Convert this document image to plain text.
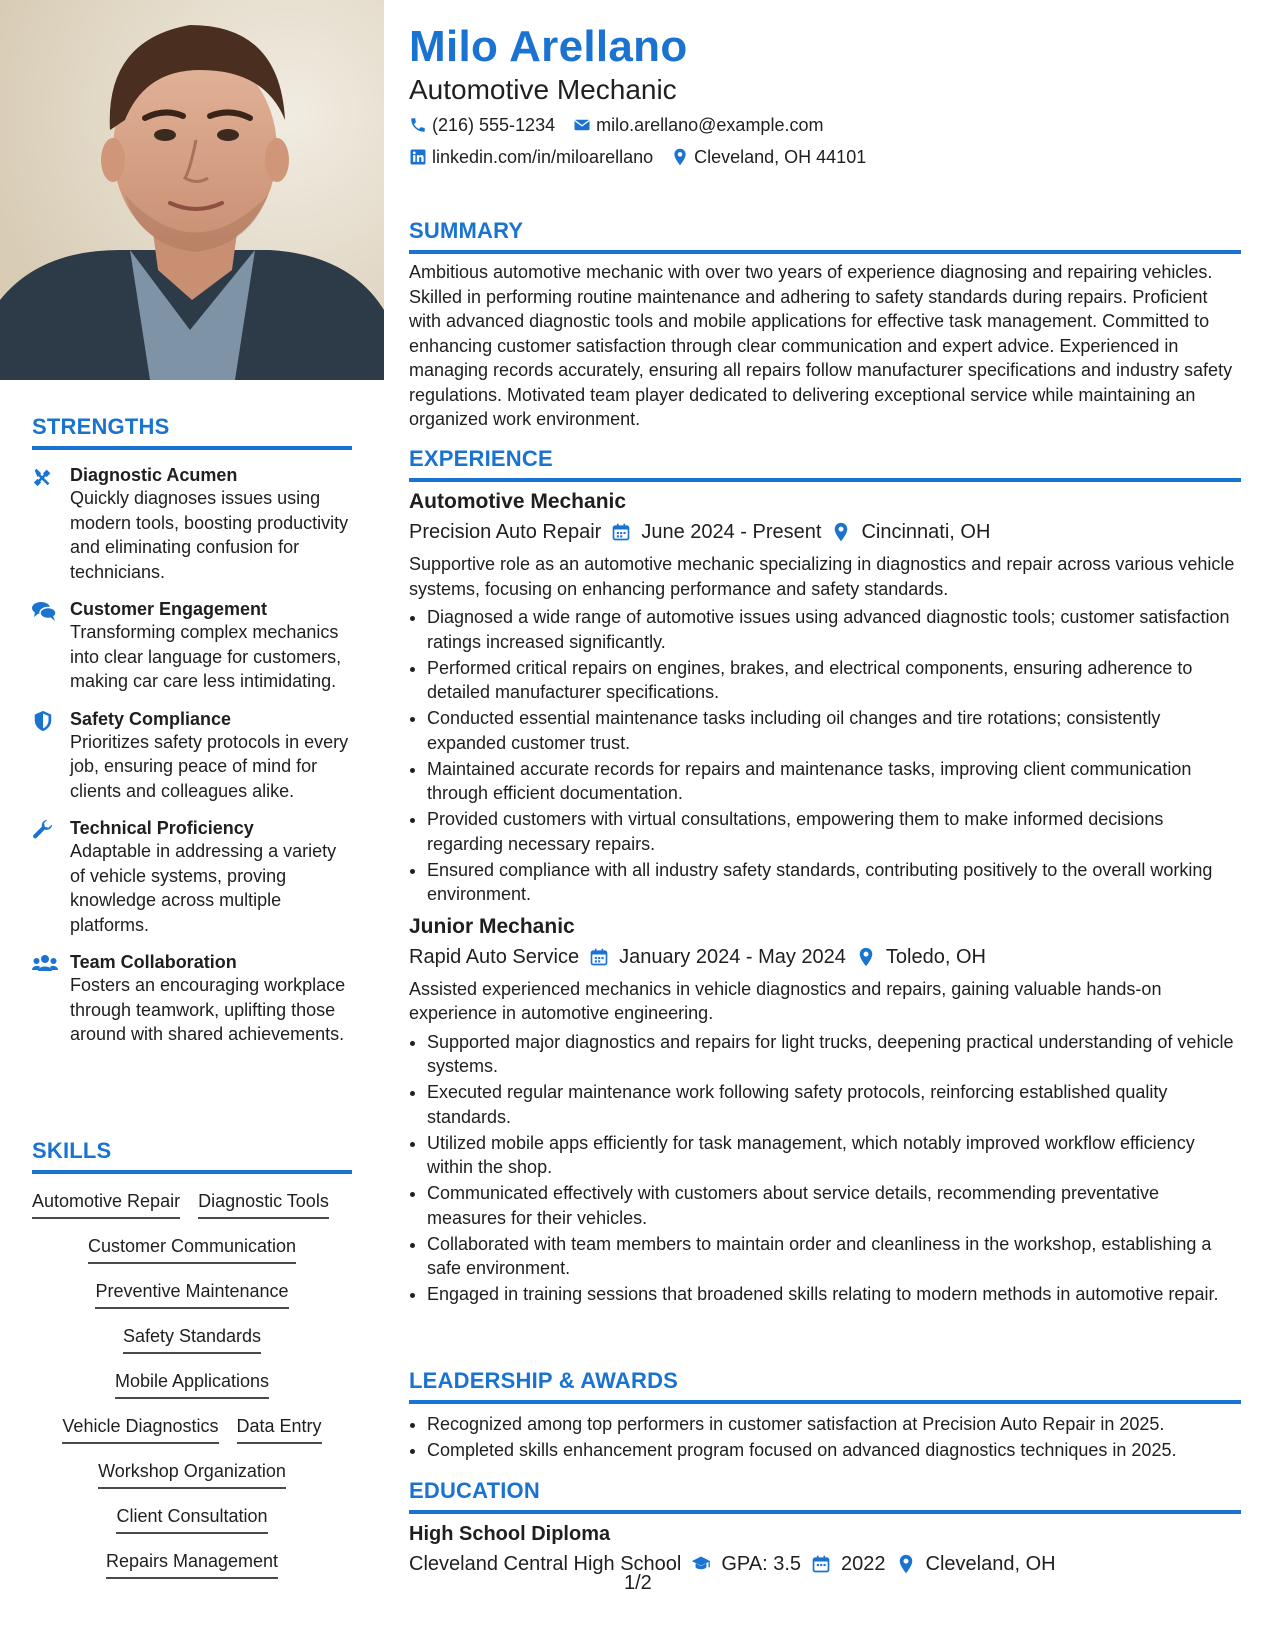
STRENGTHS
Diagnostic Acumen
Quickly diagnoses issues using modern tools, boosting productivity and eliminating confusion for technicians.
Customer Engagement
Transforming complex mechanics into clear language for customers, making car care less intimidating.
Safety Compliance
Prioritizes safety protocols in every job, ensuring peace of mind for clients and colleagues alike.
Technical Proficiency
Adaptable in addressing a variety of vehicle systems, proving knowledge across multiple platforms.
Team Collaboration
Fosters an encouraging workplace through teamwork, uplifting those around with shared achievements.
SKILLS
Automotive Repair Diagnostic Tools
Customer Communication
Preventive Maintenance
Safety Standards
Mobile Applications
Vehicle Diagnostics Data Entry
Workshop Organization
Client Consultation
Repairs Management
Milo Arellano
Automotive Mechanic
(216) 555-1234 milo.arellano@example.com
linkedin.com/in/miloarellano Cleveland, OH 44101
SUMMARY

Ambitious automotive mechanic with over two years of experience diagnosing and repairing vehicles. Skilled in performing routine maintenance and adhering to safety standards during repairs. Proficient with advanced diagnostic tools and mobile applications for effective task management. Committed to enhancing customer satisfaction through clear communication and expert advice. Experienced in managing records accurately, ensuring all repairs follow manufacturer specifications and industry safety regulations. Motivated team player dedicated to delivering exceptional service while maintaining an organized work environment.

EXPERIENCE
Automotive Mechanic
Precision Auto Repair June 2024 - Present Cincinnati, OH

Supportive role as an automotive mechanic specializing in diagnostics and repair across various vehicle systems, focusing on enhancing performance and safety standards.

• Diagnosed a wide range of automotive issues using advanced diagnostic tools; customer satisfaction ratings increased significantly.
• Performed critical repairs on engines, brakes, and electrical components, ensuring adherence to detailed manufacturer specifications.
• Conducted essential maintenance tasks including oil changes and tire rotations; consistently expanded customer trust.
• Maintained accurate records for repairs and maintenance tasks, improving client communication through efficient documentation.
• Provided customers with virtual consultations, empowering them to make informed decisions regarding necessary repairs.
• Ensured compliance with all industry safety standards, contributing positively to the overall working environment.
Junior Mechanic
Rapid Auto Service January 2024 - May 2024 Toledo, OH

Assisted experienced mechanics in vehicle diagnostics and repairs, gaining valuable hands-on experience in automotive engineering.

• Supported major diagnostics and repairs for light trucks, deepening practical understanding of vehicle systems.
• Executed regular maintenance work following safety protocols, reinforcing established quality standards.
• Utilized mobile apps efficiently for task management, which notably improved workflow efficiency within the shop.
• Communicated effectively with customers about service details, recommending preventative measures for their vehicles.
• Collaborated with team members to maintain order and cleanliness in the workshop, establishing a safe environment.
• Engaged in training sessions that broadened skills relating to modern methods in automotive repair.
LEADERSHIP & AWARDS
• Recognized among top performers in customer satisfaction at Precision Auto Repair in 2025.
• Completed skills enhancement program focused on advanced diagnostics techniques in 2025.
EDUCATION
High School Diploma
Cleveland Central High School GPA: 3.5 2022 Cleveland, OH
1/2
